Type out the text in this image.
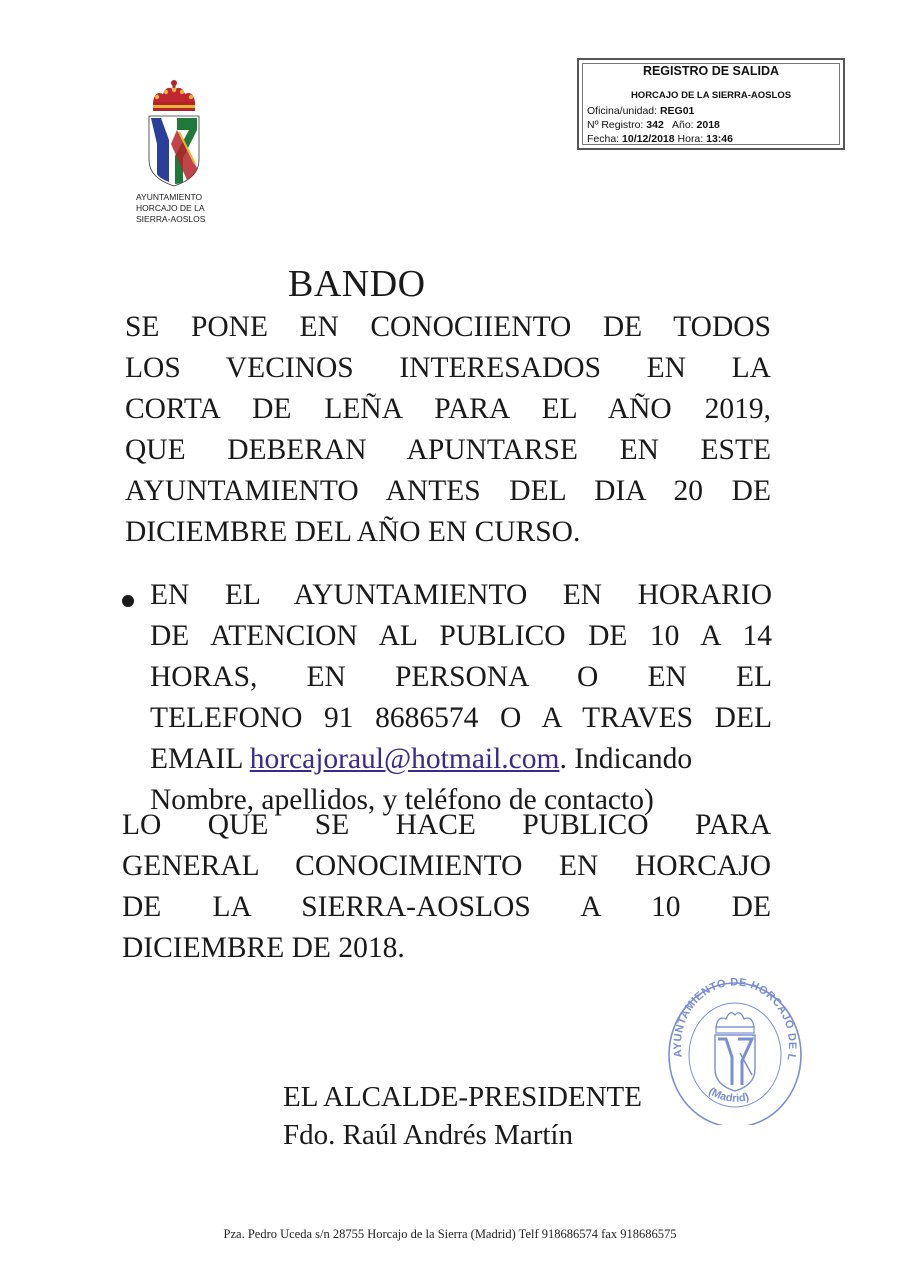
AYUNTAMIENTO
HORCAJO DE LA
SIERRA-AOSLOS
REGISTRO DE SALIDA
HORCAJO DE LA SIERRA-AOSLOS
Oficina/unidad: REG01
Nº Registro: 342 Año: 2018
Fecha: 10/12/2018 Hora: 13:46
BANDO
SE PONE EN CONOCIIENTO DE TODOS
LOS VECINOS INTERESADOS EN LA
CORTA DE LEÑA PARA EL AÑO 2019,
QUE DEBERAN APUNTARSE EN ESTE
AYUNTAMIENTO ANTES DEL DIA 20 DE
DICIEMBRE DEL AÑO EN CURSO.
EN EL AYUNTAMIENTO EN HORARIO
DE ATENCION AL PUBLICO DE 10 A 14
HORAS, EN PERSONA O EN EL
TELEFONO 91 8686574 O A TRAVES DEL
EMAIL horcajoraul@hotmail.com. Indicando
Nombre, apellidos, y teléfono de contacto)
LO QUE SE HACE PUBLICO PARA
GENERAL CONOCIMIENTO EN HORCAJO
DE LA SIERRA-AOSLOS A 10 DE
DICIEMBRE DE 2018.
AYUNTAMIENTO DE HORCAJO DE L
(Madrid)
EL ALCALDE-PRESIDENTE
Fdo. Raúl Andrés Martín
Pza. Pedro Uceda s/n 28755 Horcajo de la Sierra (Madrid) Telf 918686574 fax 918686575
